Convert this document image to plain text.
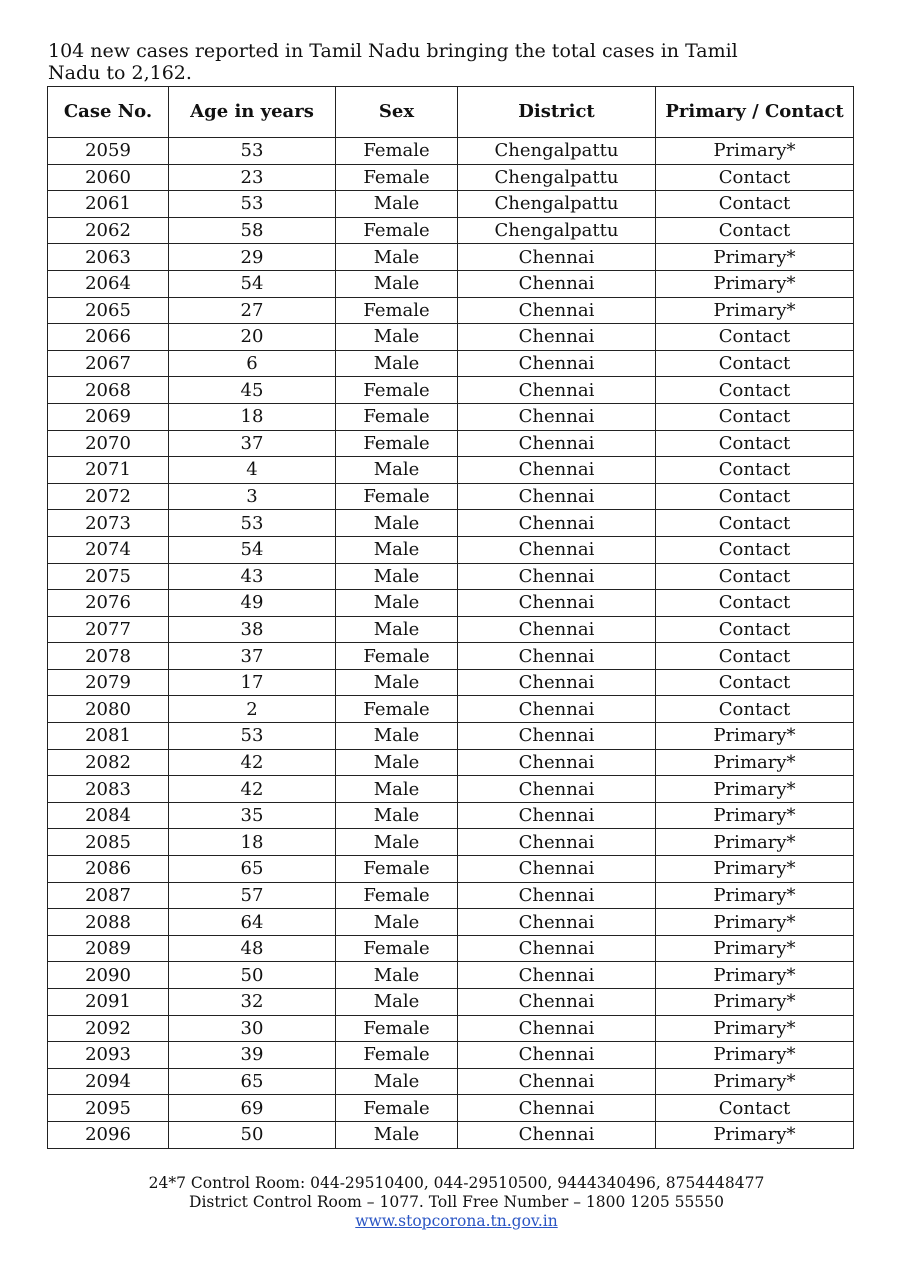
104 new cases reported in Tamil Nadu bringing the total cases in Tamil Nadu to 2,162.
Case No.	Age in years	Sex	District	Primary / Contact
2059	53	Female	Chengalpattu	Primary*
2060	23	Female	Chengalpattu	Contact
2061	53	Male	Chengalpattu	Contact
2062	58	Female	Chengalpattu	Contact
2063	29	Male	Chennai	Primary*
2064	54	Male	Chennai	Primary*
2065	27	Female	Chennai	Primary*
2066	20	Male	Chennai	Contact
2067	6	Male	Chennai	Contact
2068	45	Female	Chennai	Contact
2069	18	Female	Chennai	Contact
2070	37	Female	Chennai	Contact
2071	4	Male	Chennai	Contact
2072	3	Female	Chennai	Contact
2073	53	Male	Chennai	Contact
2074	54	Male	Chennai	Contact
2075	43	Male	Chennai	Contact
2076	49	Male	Chennai	Contact
2077	38	Male	Chennai	Contact
2078	37	Female	Chennai	Contact
2079	17	Male	Chennai	Contact
2080	2	Female	Chennai	Contact
2081	53	Male	Chennai	Primary*
2082	42	Male	Chennai	Primary*
2083	42	Male	Chennai	Primary*
2084	35	Male	Chennai	Primary*
2085	18	Male	Chennai	Primary*
2086	65	Female	Chennai	Primary*
2087	57	Female	Chennai	Primary*
2088	64	Male	Chennai	Primary*
2089	48	Female	Chennai	Primary*
2090	50	Male	Chennai	Primary*
2091	32	Male	Chennai	Primary*
2092	30	Female	Chennai	Primary*
2093	39	Female	Chennai	Primary*
2094	65	Male	Chennai	Primary*
2095	69	Female	Chennai	Contact
2096	50	Male	Chennai	Primary*
24*7 Control Room: 044-29510400, 044-29510500, 9444340496, 8754448477
District Control Room – 1077. Toll Free Number – 1800 1205 55550
www.stopcorona.tn.gov.in
